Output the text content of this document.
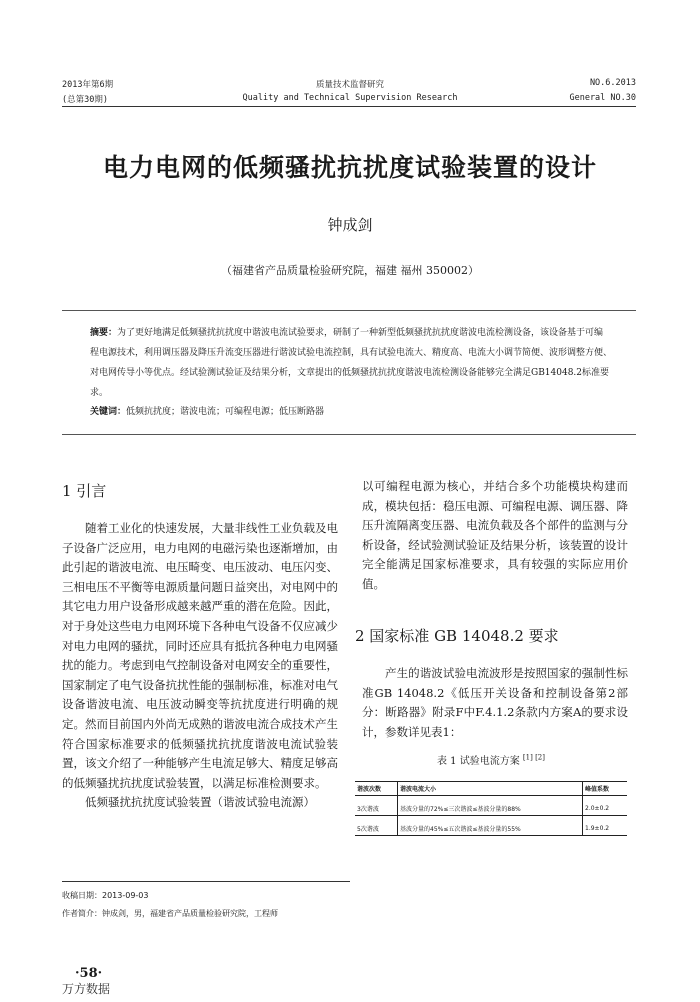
2013年第6期
(总第30期)
质量技术监督研究
Quality and Technical Supervision Research
NO.6.2013
General NO.30
电力电网的低频骚扰抗扰度试验装置的设计
钟成剑
（福建省产品质量检验研究院，福建 福州 350002）
摘要：为了更好地满足低频骚扰抗扰度中谐波电流试验要求，研制了一种新型低频骚扰抗扰度谐波电流检测设备，该设备基于可编程电源技术，利用调压器及降压升流变压器进行谐波试验电流控制，具有试验电流大、精度高、电流大小调节简便、波形调整方便、对电网传导小等优点。经试验测试验证及结果分析，文章提出的低频骚扰抗扰度谐波电流检测设备能够完全满足GB14048.2标准要求。
关键词：低频抗扰度；谐波电流；可编程电源；低压断路器
1 引言

随着工业化的快速发展，大量非线性工业负载及电子设备广泛应用，电力电网的电磁污染也逐渐增加，由此引起的谐波电流、电压畸变、电压波动、电压闪变、三相电压不平衡等电源质量问题日益突出，对电网中的其它电力用户设备形成越来越严重的潜在危险。因此，对于身处这些电力电网环境下各种电气设备不仅应减少对电力电网的骚扰，同时还应具有抵抗各种电力电网骚扰的能力。考虑到电气控制设备对电网安全的重要性，国家制定了电气设备抗扰性能的强制标准，标准对电气设备谐波电流、电压波动瞬变等抗扰度进行明确的规定。然而目前国内外尚无成熟的谐波电流合成技术产生符合国家标准要求的低频骚扰抗扰度谐波电流试验装置，该文介绍了一种能够产生电流足够大、精度足够高的低频骚扰抗扰度试验装置，以满足标准检测要求。

低频骚扰抗扰度试验装置（谐波试验电流源）

以可编程电源为核心，并结合多个功能模块构建而成，模块包括：稳压电源、可编程电源、调压器、降压升流隔离变压器、电流负载及各个部件的监测与分析设备，经试验测试验证及结果分析，该装置的设计完全能满足国家标准要求，具有较强的实际应用价值。

2 国家标准 GB 14048.2 要求

产生的谐波试验电流波形是按照国家的强制性标准GB 14048.2《低压开关设备和控制设备第2部分：断路器》附录F中F.4.1.2条款内方案A的要求设计，参数详见表1：

表 1 试验电流方案 [1] [2]
谐波次数	谐波电流大小	峰值系数

3次谐波	基波分量的72%≤三次谐波≤基波分量的88%	2.0±0.2

5次谐波	基波分量的45%≤五次谐波≤基波分量的55%	1.9±0.2
收稿日期：2013-09-03
作者简介：钟成剑，男，福建省产品质量检验研究院，工程师
·58·
万方数据
